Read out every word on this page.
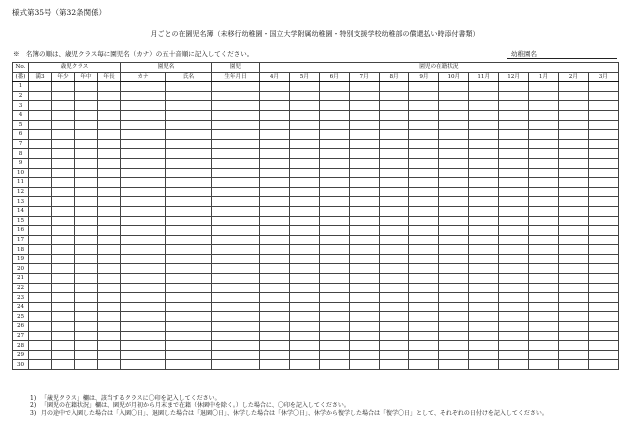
様式第35号（第32条関係）
月ごとの在園児名簿（未移行幼稚園・国立大学附属幼稚園・特別支援学校幼稚部の償還払い時添付書類）
※　名簿の順は、歳児クラス毎に園児名（カナ）の五十音順に記入してください。	幼稚園名
No.	歳児クラス				園児名		園児	園児の在籍状況											
(番)	満3	年少	年中	年長	カナ	氏名	生年月日	4月	5月	6月	7月	8月	9月	10月	11月	12月	1月	2月	3月
1																			
2																			
3																			
4																			
5																			
6																			
7																			
8																			
9																			
10																			
11																			
12																			
13																			
14																			
15																			
16																			
17																			
18																			
19																			
20																			
21																			
22																			
23																			
24																			
25																			
26																			
27																			
28																			
29																			
30																			
1) 「歳児クラス」欄は、該当するクラスに〇印を記入してください。
2) 「園児の在籍状況」欄は、園児が月初から月末まで在籍（休園中を除く。）した場合に、〇印を記入してください。
3) 月の途中で入園した場合は「入園〇日」、退園した場合は「退園〇日」、休学した場合は「休学〇日」、休学から復学した場合は「復学〇日」として、それぞれの日付けを記入してください。
